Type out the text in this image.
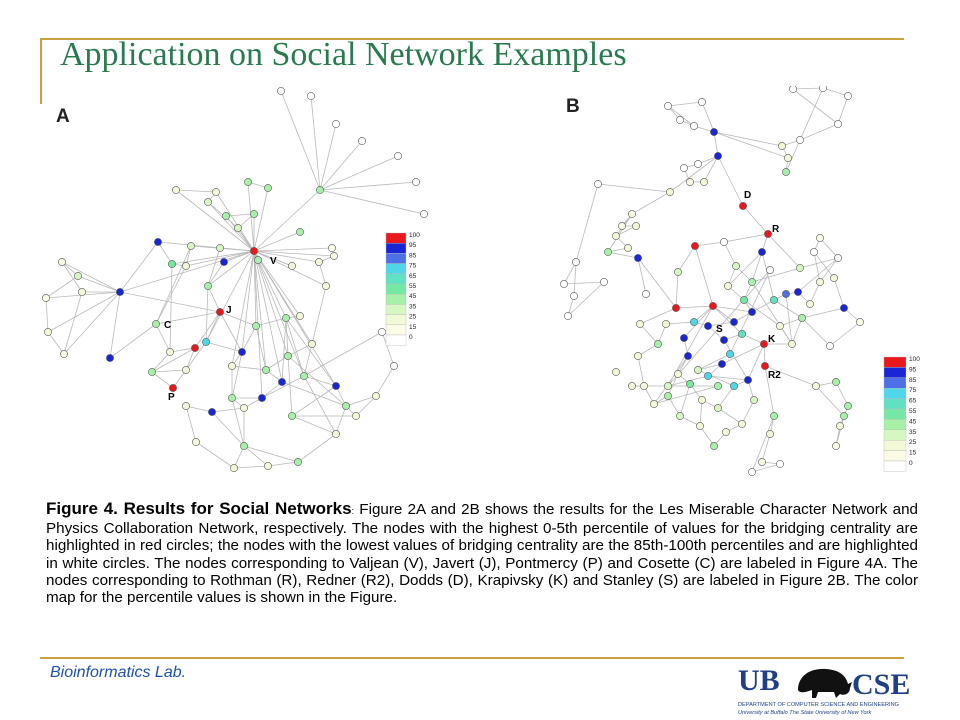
Application on Social Network Examples
100
95
85
75
65
55
45
35
25
15
0
V
J
C
P
A
100
95
85
75
65
55
45
35
25
15
0
D
R
S
K
R2
B
Figure 4. Results for Social Networks: Figure 2A and 2B shows the results for the Les Miserable Character Network and Physics Collaboration Network, respectively. The nodes with the highest 0-5th percentile of values for the bridging centrality are highlighted in red circles; the nodes with the lowest values of bridging centrality are the 85th-100th percentiles and are highlighted in white circles. The nodes corresponding to Valjean (V), Javert (J), Pontmercy (P) and Cosette (C) are labeled in Figure 4A. The nodes corresponding to Rothman (R), Redner (R2), Dodds (D), Krapivsky (K) and Stanley (S) are labeled in Figure 2B. The color map for the percentile values is shown in the Figure.
Bioinformatics Lab.	UB CSE
DEPARTMENT OF COMPUTER SCIENCE AND ENGINEERING
University at Buffalo The State University of New York
